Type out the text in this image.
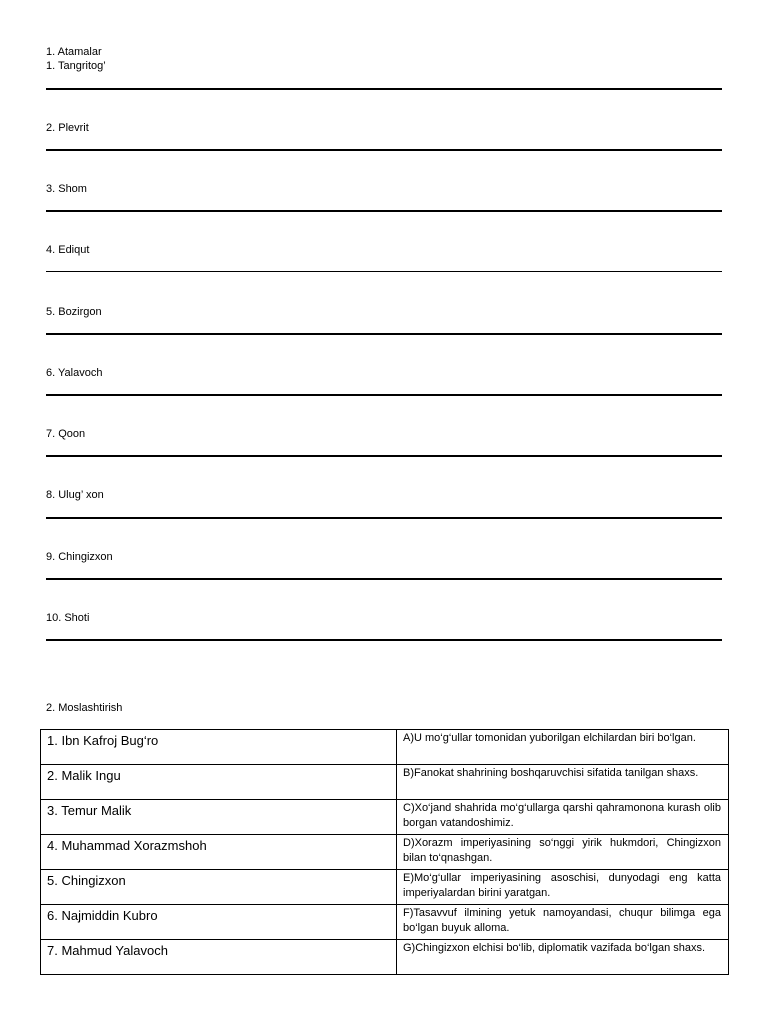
1. Atamalar
1. Tangritog’
2. Plevrit
3. Shom
4. Ediqut
5. Bozirgon
6. Yalavoch
7. Qoon
8. Ulug’ xon
9. Chingizxon
10. Shoti
2. Moslashtirish
1. Ibn Kafroj Bug‘ro	A)U mo‘g‘ullar tomonidan yuborilgan elchilardan biri bo‘lgan.
2. Malik Ingu	B)Fanokat shahrining boshqaruvchisi sifatida tanilgan shaxs.
3. Temur Malik	C)Xo‘jand shahrida mo‘g‘ullarga qarshi qahramonona kurash olib borgan vatandoshimiz.
4. Muhammad Xorazmshoh	D)Xorazm imperiyasining so‘nggi yirik hukmdori, Chingizxon bilan to‘qnashgan.
5. Chingizxon	E)Mo‘g‘ullar imperiyasining asoschisi, dunyodagi eng katta imperiyalardan birini yaratgan.
6. Najmiddin Kubro	F)Tasavvuf ilmining yetuk namoyandasi, chuqur bilimga ega bo‘lgan buyuk alloma.
7. Mahmud Yalavoch	G)Chingizxon elchisi bo‘lib, diplomatik vazifada bo‘lgan shaxs.
